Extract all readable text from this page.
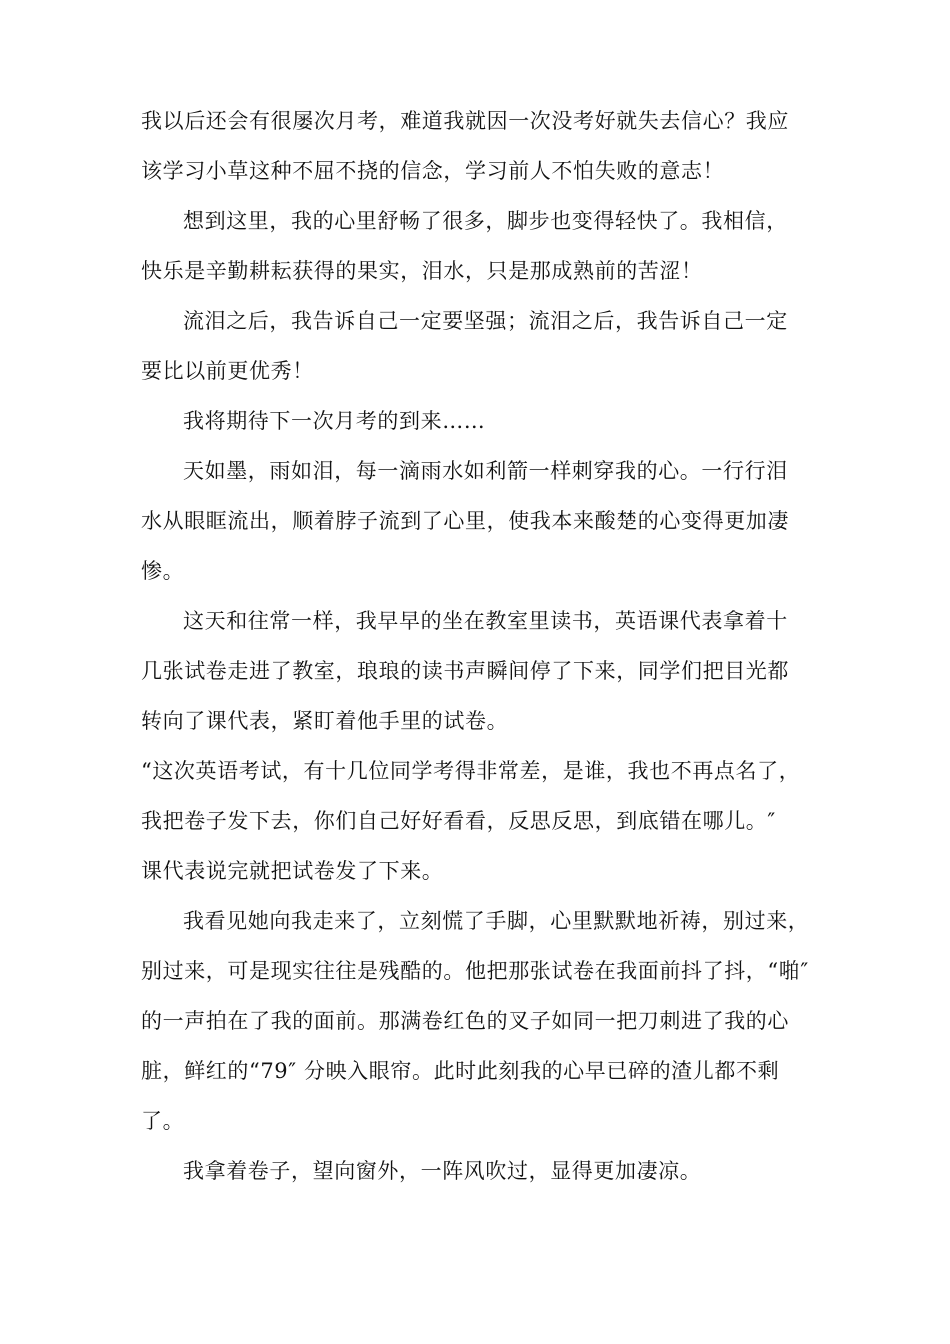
我以后还会有很屡次月考，难道我就因一次没考好就失去信心？我应
该学习小草这种不屈不挠的信念，学习前人不怕失败的意志！
想到这里，我的心里舒畅了很多，脚步也变得轻快了。我相信，
快乐是辛勤耕耘获得的果实，泪水，只是那成熟前的苦涩！
流泪之后，我告诉自己一定要坚强；流泪之后，我告诉自己一定
要比以前更优秀！
我将期待下一次月考的到来……
天如墨，雨如泪，每一滴雨水如利箭一样刺穿我的心。一行行泪
水从眼眶流出，顺着脖子流到了心里，使我本来酸楚的心变得更加凄
惨。
这天和往常一样，我早早的坐在教室里读书，英语课代表拿着十
几张试卷走进了教室，琅琅的读书声瞬间停了下来，同学们把目光都
转向了课代表，紧盯着他手里的试卷。
“这次英语考试，有十几位同学考得非常差，是谁，我也不再点名了，
我把卷子发下去，你们自己好好看看，反思反思，到底错在哪儿。″
课代表说完就把试卷发了下来。
我看见她向我走来了，立刻慌了手脚，心里默默地祈祷，别过来，
别过来，可是现实往往是残酷的。他把那张试卷在我面前抖了抖，“啪″
的一声拍在了我的面前。那满卷红色的叉子如同一把刀刺进了我的心
脏，鲜红的“79″ 分映入眼帘。此时此刻我的心早已碎的渣儿都不剩
了。
我拿着卷子，望向窗外，一阵风吹过，显得更加凄凉。
